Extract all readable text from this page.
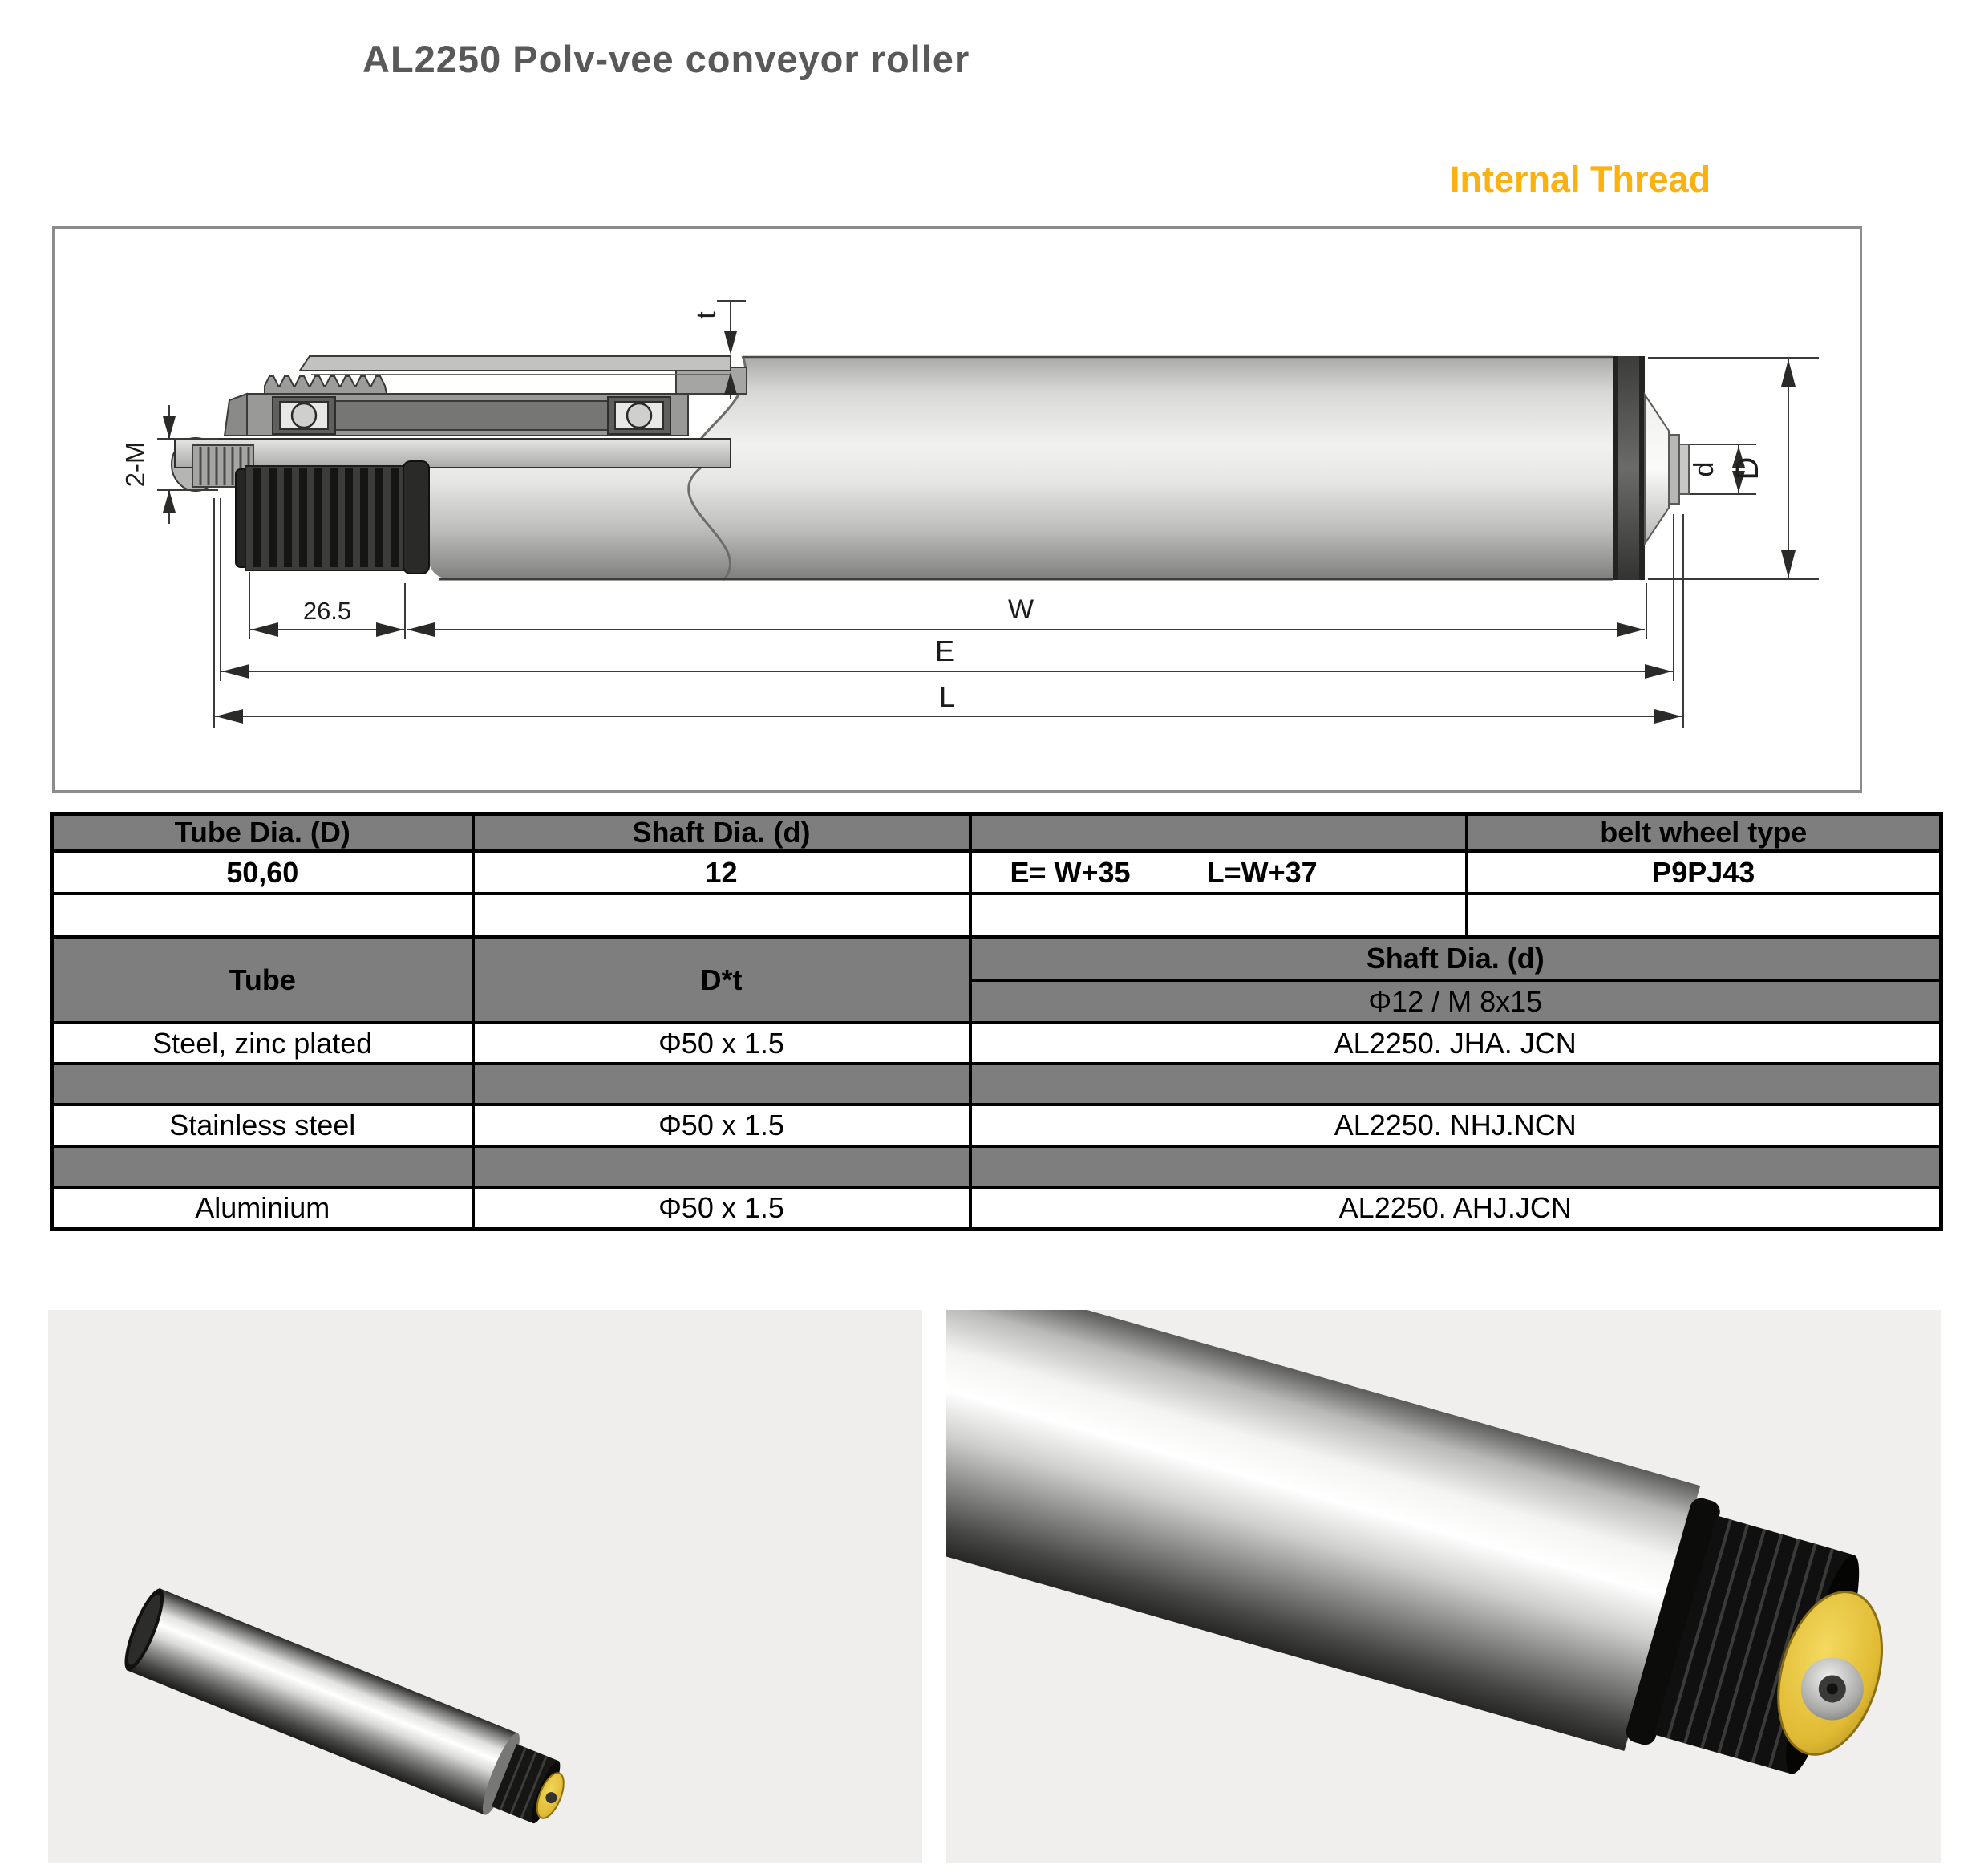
AL2250 Polv-vee conveyor roller
Internal Thread
t
2-M
26.5	W
E
L
d D
Tube Dia. (D)	Shaft Dia. (d)		belt wheel type
50,60	12	E= W+35 L=W+37	P9PJ43

Tube	D*t	Shaft Dia. (d)	
		Φ12 / M 8x15	
Steel, zinc plated	Φ50 x 1.5	AL2250. JHA. JCN	

Stainless steel	Φ50 x 1.5	AL2250. NHJ.NCN	

Aluminium	Φ50 x 1.5	AL2250. AHJ.JCN	
